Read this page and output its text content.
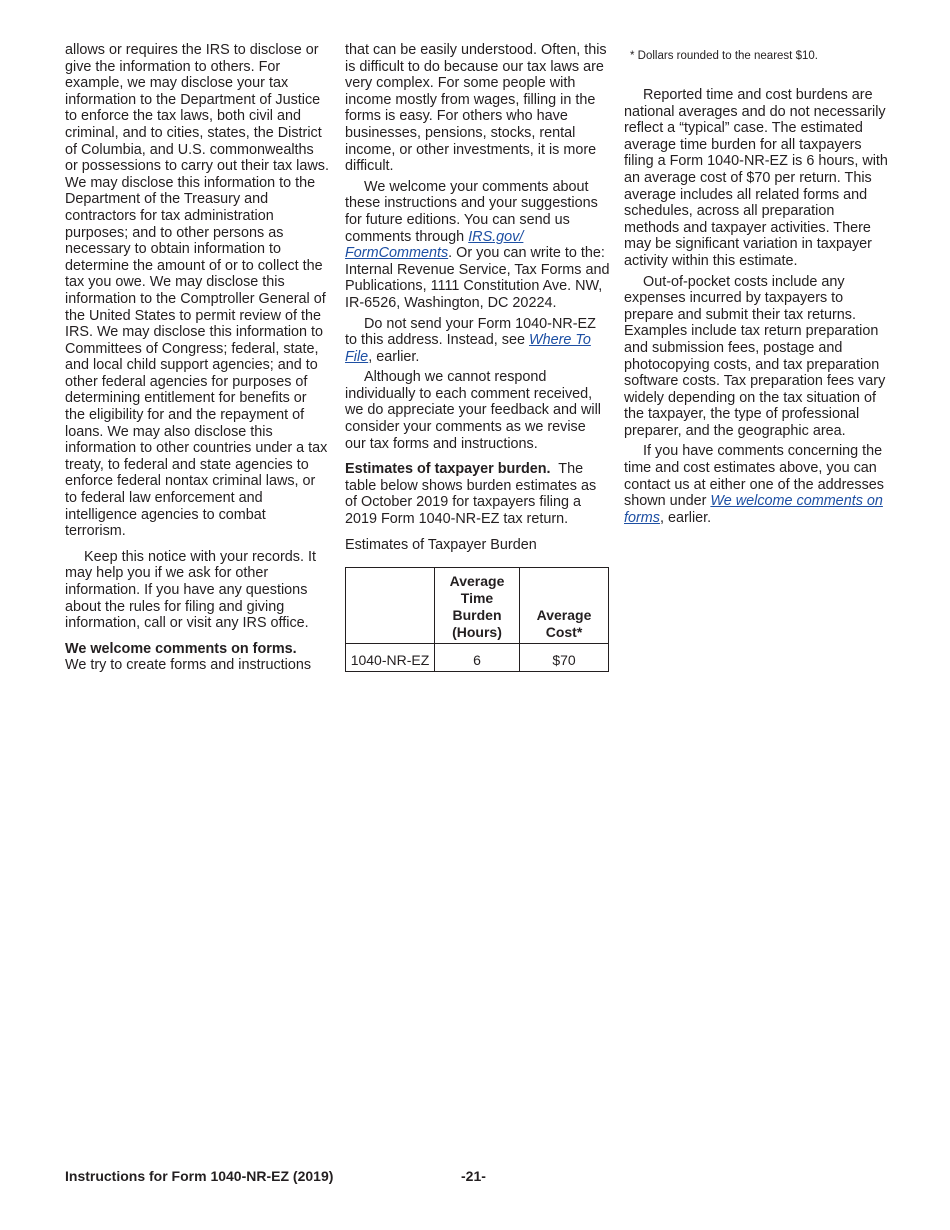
allows or requires the IRS to disclose or give the information to others. For example, we may disclose your tax information to the Department of Justice to enforce the tax laws, both civil and criminal, and to cities, states, the District of Columbia, and U.S. commonwealths or possessions to carry out their tax laws. We may disclose this information to the Department of the Treasury and contractors for tax administration purposes; and to other persons as necessary to obtain information to determine the amount of or to collect the tax you owe. We may disclose this information to the Comptroller General of the United States to permit review of the IRS. We may disclose this information to Committees of Congress; federal, state, and local child support agencies; and to other federal agencies for purposes of determining entitlement for benefits or the eligibility for and the repayment of loans. We may also disclose this information to other countries under a tax treaty, to federal and state agencies to enforce federal nontax criminal laws, or to federal law enforcement and intelligence agencies to combat terrorism.

Keep this notice with your records. It may help you if we ask for other information. If you have any questions about the rules for filing and giving information, call or visit any IRS office.

We welcome comments on forms.

We try to create forms and instructions

that can be easily understood. Often, this is difficult to do because our tax laws are very complex. For some people with income mostly from wages, filling in the forms is easy. For others who have businesses, pensions, stocks, rental income, or other investments, it is more difficult.

We welcome your comments about these instructions and your suggestions for future editions. You can send us comments through IRS.gov/ FormComments. Or you can write to the:

Internal Revenue Service, Tax Forms and Publications, 1111 Constitution Ave. NW, IR-6526, Washington, DC 20224.

Do not send your Form 1040-NR-EZ to this address. Instead, see Where To File, earlier.

Although we cannot respond individually to each comment received, we do appreciate your feedback and will consider your comments as we revise our tax forms and instructions.

Estimates of taxpayer burden. The table below shows burden estimates as of October 2019 for taxpayers filing a 2019 Form 1040-NR-EZ tax return.

Estimates of Taxpayer Burden

	Average Time Burden (Hours)	Average Cost*
1040-NR-EZ	6	$70

* Dollars rounded to the nearest $10.

Reported time and cost burdens are national averages and do not necessarily reflect a “typical” case. The estimated average time burden for all taxpayers filing a Form 1040-NR-EZ is 6 hours, with an average cost of $70 per return. This average includes all related forms and schedules, across all preparation methods and taxpayer activities. There may be significant variation in taxpayer activity within this estimate.

Out-of-pocket costs include any expenses incurred by taxpayers to prepare and submit their tax returns. Examples include tax return preparation and submission fees, postage and photocopying costs, and tax preparation software costs. Tax preparation fees vary widely depending on the tax situation of the taxpayer, the type of professional preparer, and the geographic area.

If you have comments concerning the time and cost estimates above, you can contact us at either one of the addresses shown under We welcome comments on forms, earlier.

Instructions for Form 1040-NR-EZ (2019)	-21-
